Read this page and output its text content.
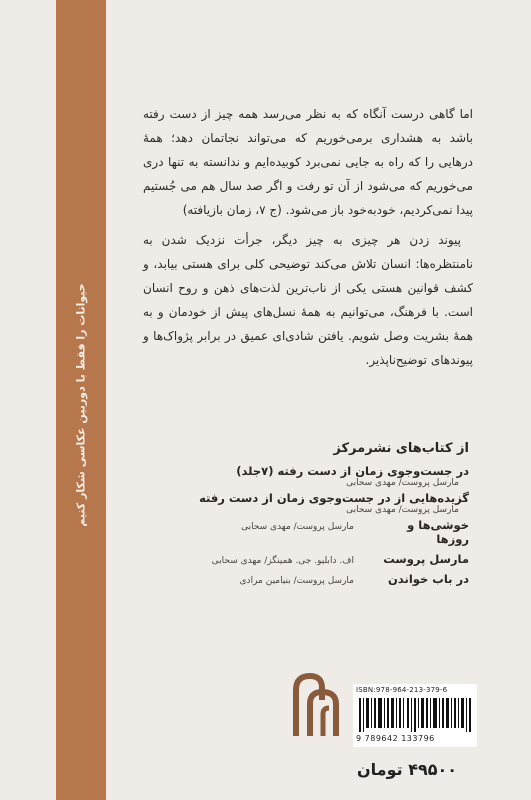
حیوانات را فقط با دوربین عکاسی شکار کنیم

اما گاهی درست آنگاه که به نظر می‌رسد همه چیز از دست رفته باشد به هشداری برمی‌خوریم که می‌تواند نجاتمان دهد؛ همهٔ درهایی را که راه به جایی نمی‌برد کوبیده‌ایم و ندانسته به تنها دری می‌خوریم که می‌شود از آن تو رفت و اگر صد سال هم می جُستیم پیدا نمی‌کردیم، خودبه‌خود باز می‌شود. (ج ۷، زمان بازیافته)

پیوند زدن هر چیزی به چیز دیگر، جرأت نزدیک شدن به نامنتظره‌ها: انسان تلاش می‌کند توضیحی کلی برای هستی بیابد، و کشف قوانین هستی یکی از ناب‌ترین لذت‌های ذهن و روح انسان است. با فرهنگ، می‌توانیم به همهٔ نسل‌های پیش از خودمان و به همهٔ بشریت وصل شویم. یافتن شادی‌ای عمیق در برابر پژواک‌ها و پیوندهای توضیح‌ناپذیر.

از کتاب‌های نشرمرکز
در جست‌وجوی زمان از دست رفته (۷جلد)
مارسل پروست/ مهدی سحابی
گزیده‌هایی از در جست‌وجوی زمان از دست رفته
مارسل پروست/ مهدی سحابی
خوشی‌ها و روزها
مارسل پروست/ مهدی سحابی
مارسل پروست
اف. دابلیو. جی. همینگز/ مهدی سحابی
در باب خواندن
مارسل پروست/ بنیامین مرادی
ISBN:978-964-213-379-6
9 789642 133796
۴۹۵۰۰ تومان
